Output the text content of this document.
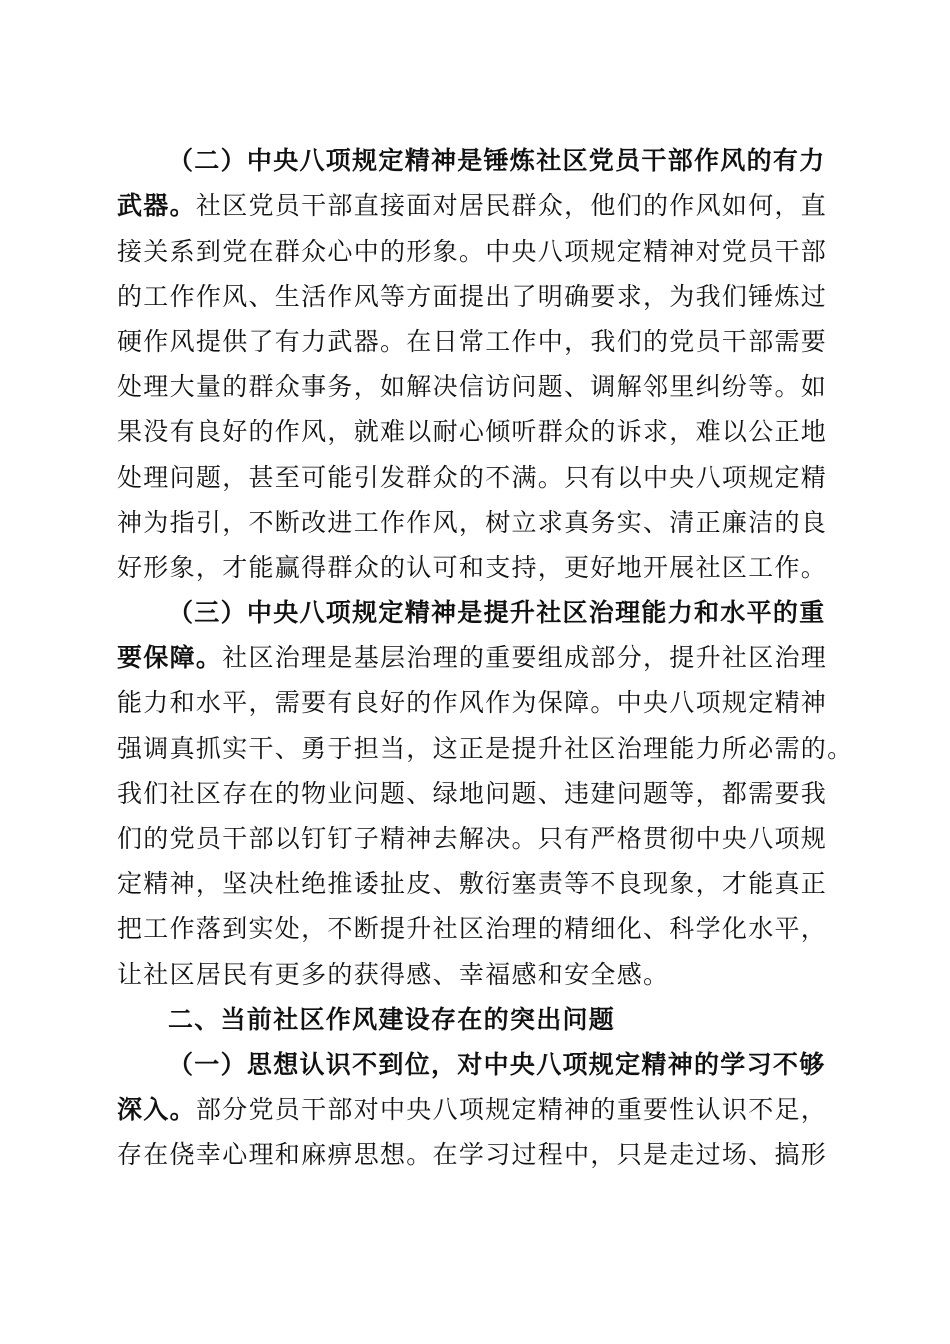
（二）中央八项规定精神是锤炼社区党员干部作风的有力
武器。社区党员干部直接面对居民群众，他们的作风如何，直
接关系到党在群众心中的形象。中央八项规定精神对党员干部
的工作作风、生活作风等方面提出了明确要求，为我们锤炼过
硬作风提供了有力武器。在日常工作中，我们的党员干部需要
处理大量的群众事务，如解决信访问题、调解邻里纠纷等。如
果没有良好的作风，就难以耐心倾听群众的诉求，难以公正地
处理问题，甚至可能引发群众的不满。只有以中央八项规定精
神为指引，不断改进工作作风，树立求真务实、清正廉洁的良
好形象，才能赢得群众的认可和支持，更好地开展社区工作。
（三）中央八项规定精神是提升社区治理能力和水平的重
要保障。社区治理是基层治理的重要组成部分，提升社区治理
能力和水平，需要有良好的作风作为保障。中央八项规定精神
强调真抓实干、勇于担当，这正是提升社区治理能力所必需的。
我们社区存在的物业问题、绿地问题、违建问题等，都需要我
们的党员干部以钉钉子精神去解决。只有严格贯彻中央八项规
定精神，坚决杜绝推诿扯皮、敷衍塞责等不良现象，才能真正
把工作落到实处，不断提升社区治理的精细化、科学化水平，
让社区居民有更多的获得感、幸福感和安全感。
二、当前社区作风建设存在的突出问题
（一）思想认识不到位，对中央八项规定精神的学习不够
深入。部分党员干部对中央八项规定精神的重要性认识不足，
存在侥幸心理和麻痹思想。在学习过程中，只是走过场、搞形
